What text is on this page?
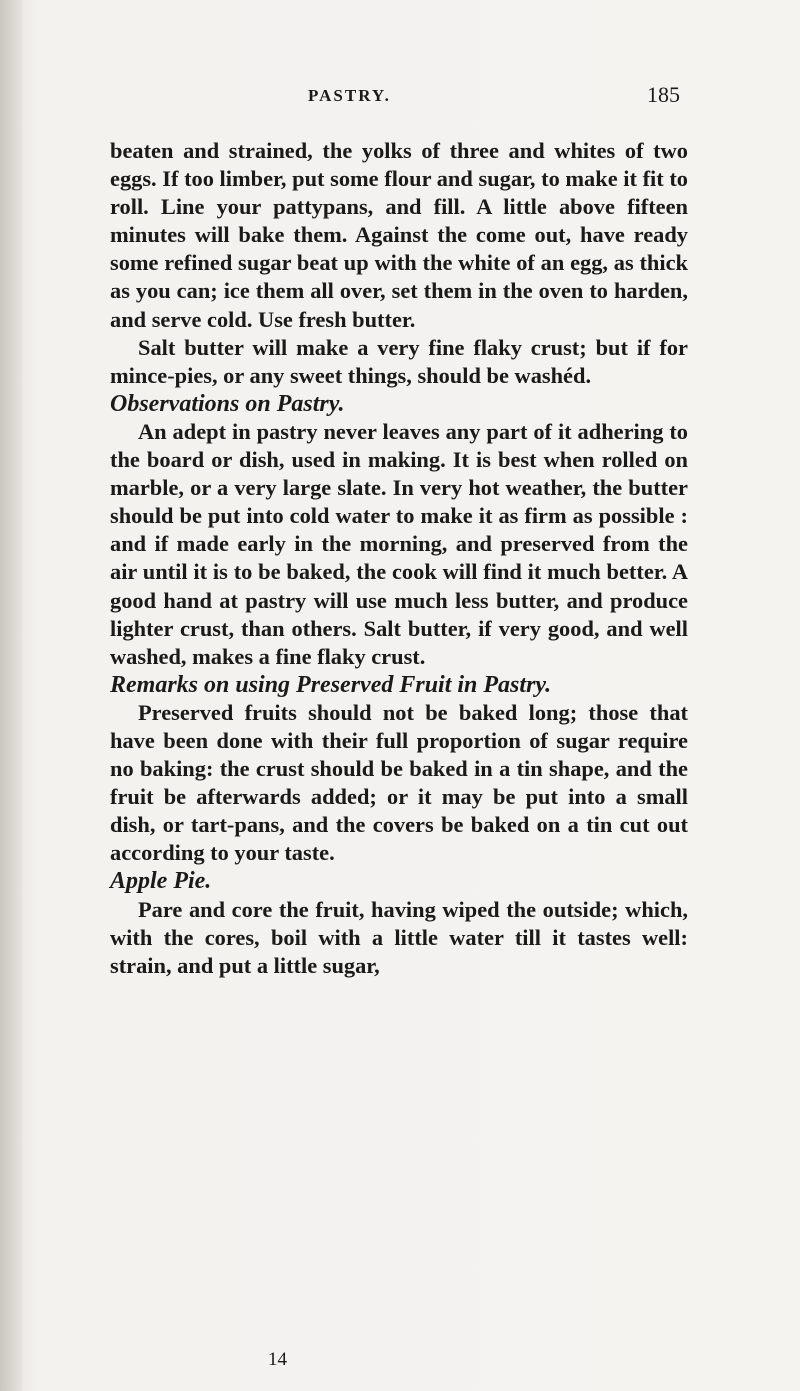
PASTRY.	185

beaten and strained, the yolks of three and whites of two eggs. If too limber, put some flour and sugar, to make it fit to roll. Line your pattypans, and fill. A little above fifteen minutes will bake them. Against the come out, have ready some refined sugar beat up with the white of an egg, as thick as you can; ice them all over, set them in the oven to harden, and serve cold. Use fresh butter.

Salt butter will make a very fine flaky crust; but if for mince-pies, or any sweet things, should be washéd.

Observations on Pastry.

An adept in pastry never leaves any part of it adhering to the board or dish, used in making. It is best when rolled on marble, or a very large slate. In very hot weather, the butter should be put into cold water to make it as firm as possible : and if made early in the morning, and preserved from the air until it is to be baked, the cook will find it much better. A good hand at pastry will use much less butter, and produce lighter crust, than others. Salt butter, if very good, and well washed, makes a fine flaky crust.

Remarks on using Preserved Fruit in Pastry.

Preserved fruits should not be baked long; those that have been done with their full proportion of sugar require no baking: the crust should be baked in a tin shape, and the fruit be afterwards added; or it may be put into a small dish, or tart-pans, and the covers be baked on a tin cut out according to your taste.

Apple Pie.

Pare and core the fruit, having wiped the outside; which, with the cores, boil with a little water till it tastes well: strain, and put a little sugar,

14
